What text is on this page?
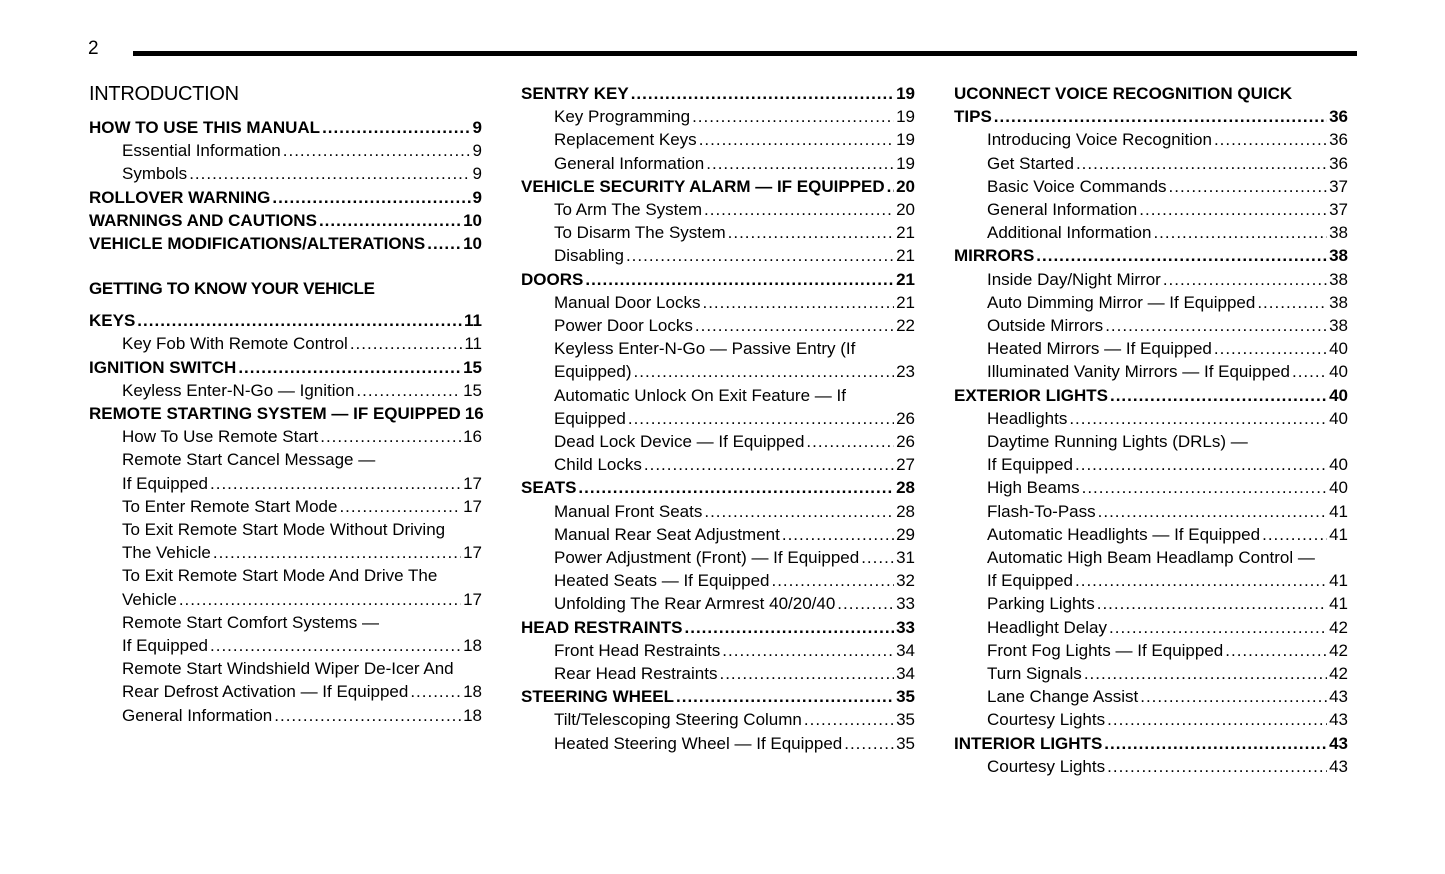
2
INTRODUCTION
HOW TO USE THIS MANUAL .....	9
Essential Information .....	9
Symbols .....	9
ROLLOVER WARNING .....	9
WARNINGS AND CAUTIONS .....	10
VEHICLE MODIFICATIONS/ALTERATIONS ..... 10
GETTING TO KNOW YOUR VEHICLE
KEYS .....	11
Key Fob With Remote Control .....	11
IGNITION SWITCH .....	15
Keyless Enter-N-Go — Ignition .....	15
REMOTE STARTING SYSTEM — IF EQUIPPED 16
How To Use Remote Start .....	16
Remote Start Cancel Message —
If Equipped .....	17
To Enter Remote Start Mode .....	17
To Exit Remote Start Mode Without Driving
The Vehicle .....	17
To Exit Remote Start Mode And Drive The
Vehicle .....	17
Remote Start Comfort Systems —
If Equipped .....	18
Remote Start Windshield Wiper De-Icer And
Rear Defrost Activation — If Equipped .....	18
General Information .....	18
SENTRY KEY .....	19
Key Programming .....	19
Replacement Keys .....	19
General Information .....	19
VEHICLE SECURITY ALARM — IF EQUIPPED ..... 20
To Arm The System .....	20
To Disarm The System .....	21
Disabling .....	21
DOORS .....	21
Manual Door Locks .....	21
Power Door Locks .....	22
Keyless Enter-N-Go — Passive Entry (If
Equipped) .....	23
Automatic Unlock On Exit Feature — If
Equipped .....	26
Dead Lock Device — If Equipped .....	26
Child Locks .....	27
SEATS .....	28
Manual Front Seats .....	28
Manual Rear Seat Adjustment .....	29
Power Adjustment (Front) — If Equipped ..... 31
Heated Seats — If Equipped .....	32
Unfolding The Rear Armrest 40/20/40 .....	33
HEAD RESTRAINTS .....	33
Front Head Restraints .....	34
Rear Head Restraints .....	34
STEERING WHEEL .....	35
Tilt/Telescoping Steering Column .....	35
Heated Steering Wheel — If Equipped .....	35
UCONNECT VOICE RECOGNITION QUICK
TIPS .....	36
Introducing Voice Recognition .....	36
Get Started .....	36
Basic Voice Commands .....	37
General Information .....	37
Additional Information .....	38
MIRRORS .....	38
Inside Day/Night Mirror .....	38
Auto Dimming Mirror — If Equipped .....	38
Outside Mirrors .....	38
Heated Mirrors — If Equipped .....	40
Illuminated Vanity Mirrors — If Equipped ..... 40
EXTERIOR LIGHTS .....	40
Headlights .....	40
Daytime Running Lights (DRLs) —
If Equipped .....	40
High Beams .....	40
Flash-To-Pass .....	41
Automatic Headlights — If Equipped .....	41
Automatic High Beam Headlamp Control —
If Equipped .....	41
Parking Lights .....	41
Headlight Delay .....	42
Front Fog Lights — If Equipped .....	42
Turn Signals .....	42
Lane Change Assist .....	43
Courtesy Lights .....	43
INTERIOR LIGHTS .....	43
Courtesy Lights .....	43
